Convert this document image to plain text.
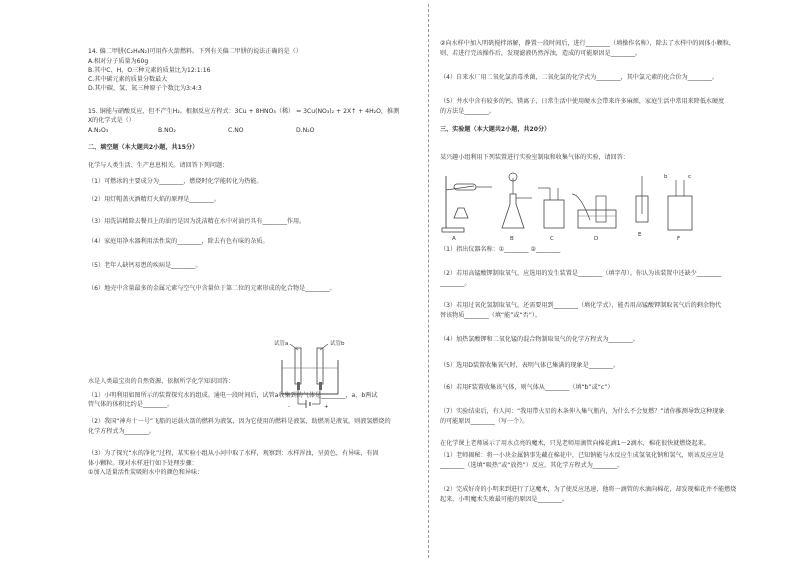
14. 偏二甲肼(C₂H₈N₂)可用作火箭燃料。下列有关偏二甲肼的说法正确的是（）
A.相对分子质量为60g
B.其中C、H、O三种元素的质量比为12:1:16
C.其中碳元素的质量分数最大
D.其中碳、氢、氮三种原子个数比为3:4:3
15. 铜能与硝酸反应，但不产生H₂。根据反应方程式：3Cu + 8HNO₃（稀） = 3Cu(NO₃)₂ + 2X↑ + 4H₂O，推测
X的化学式是（）
A.N₂O₃	B.NO₂	C.NO	D.N₂O
二、填空题（本大题共2小题，共15分）
化学与人类生活、生产息息相关。请回答下列问题：
（1）可燃冰的主要成分为________，燃烧时化学能转化为热能。
（2）用灯帽盖灭酒精灯火焰的原理是________。
（3）用洗洁精除去餐具上的油污是因为洗洁精在水中对油污具有________作用。
（4）家庭用净水器利用活性炭的________，除去有色有味的杂质。
（5）老年人缺钙易患的疾病是________。
（6）地壳中含量最多的金属元素与空气中含量位于第二位的元素形成的化合物是________。
水是人类最宝贵的自然资源，依据所学化学知识回答：
（1）小明利用如图所示的装置探究水的组成。通电一段时间后，试管a收集到的气体是________，a、b两试
管气体的体积比约是________。
（2）我国“神舟十一号”飞船的运载火箭的燃料为液氢，因为它使用的燃料是液氢，助燃剂是液氧，则液氢燃烧的
化学方程式为________。
（3）为了探究“水的净化”过程，某实验小组从小河中取了水样，观察到：水样浑浊，呈黄色，有异味，有固
体小颗粒。现对水样进行如下处理步骤：
①加入适量活性炭吸附水中的颜色和异味：
试管a	试管b
-	+
②向水样中加入明矾搅拌溶解，静置一段时间后，进行________（填操作名称），除去了水样中的固体小颗粒，
则，若进行完该操作后，发现滤液仍然浑浊，造成的可能原因是________。
（4）自来水厂用二氧化氯消毒杀菌，二氧化氯的化学式为________，其中氯元素的化合价为________。
（5）井水中含有较多的钙、镁离子，日常生活中使用硬水会带来许多麻烦，家庭生活中常用来降低水硬度
的方法是________。
三、实验题（本大题共2小题，共20分）
某兴趣小组利用下列装置进行实验室制取和收集气体的实验，请回答：
（1）指出仪器名称：①________ ②________
（2）若用高锰酸钾制取氧气，应选用的发生装置是________（填字母）。你认为该装置中还缺少________
________。
（3）若用过氧化氢制取氧气，还需要用到________（填化学式），能否用高锰酸钾制取氧气后的剩余物代
替该物质________（填“能”或“否”）。
（4）加热氯酸钾和二氧化锰的混合物制取氧气的化学方程式为________。
（5）选用D装置收集氧气时，表明气体已集满的现象是________。
（6）若用F装置收集该气体，则气体从________（填“b”或“c”）
（7）实验结束后，有人问：“我用带火星的木条伸入集气瓶内，为什么不会复燃？”请你推测导致这种现象
的可能原因________（写一个）。
在化学课上老师展示了用水点亮的魔术，只见老师用滴管向棉花滴1～2滴水，棉花很快就燃烧起来。
（1）老师揭秘：将一小块金属钠事先藏在棉花中，已知钠能与水反应生成氢氧化钠和氢气，则该反应应是
________（选填“吸热”或“放热”）反应，其化学方程式为________。
（2）完成好奇的小明来到进行了这魔术，为了使反应迅速，他将一滴管的水滴向棉花，却发现棉花并不能燃烧
起来，小明魔术失败最可能的原因是________。
A	B	C	D
E
b	c
F
